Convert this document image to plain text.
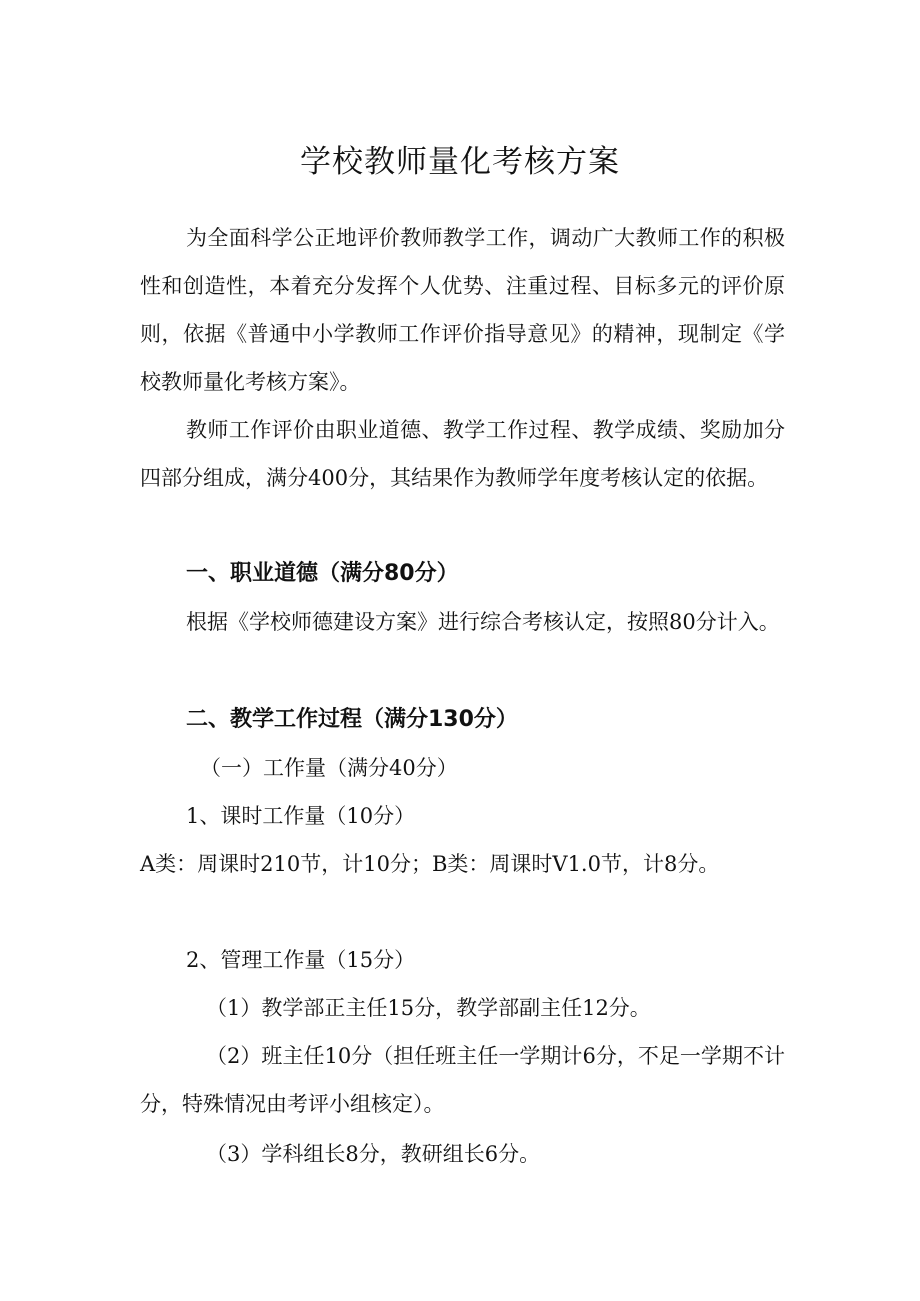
学校教师量化考核方案

为全面科学公正地评价教师教学工作，调动广大教师工作的积极性和创造性，本着充分发挥个人优势、注重过程、目标多元的评价原则，依据《普通中小学教师工作评价指导意见》的精神，现制定《学校教师量化考核方案》。

教师工作评价由职业道德、教学工作过程、教学成绩、奖励加分四部分组成，满分400分，其结果作为教师学年度考核认定的依据。

一、职业道德（满分80分）

根据《学校师德建设方案》进行综合考核认定，按照80分计入。

二、教学工作过程（满分130分）

（一）工作量（满分40分）

1、课时工作量（10分）

A类：周课时210节，计10分；B类：周课时V1.0节，计8分。

2、管理工作量（15分）

（1）教学部正主任15分，教学部副主任12分。

（2）班主任10分（担任班主任一学期计6分，不足一学期不计分，特殊情况由考评小组核定）。

（3）学科组长8分，教研组长6分。
